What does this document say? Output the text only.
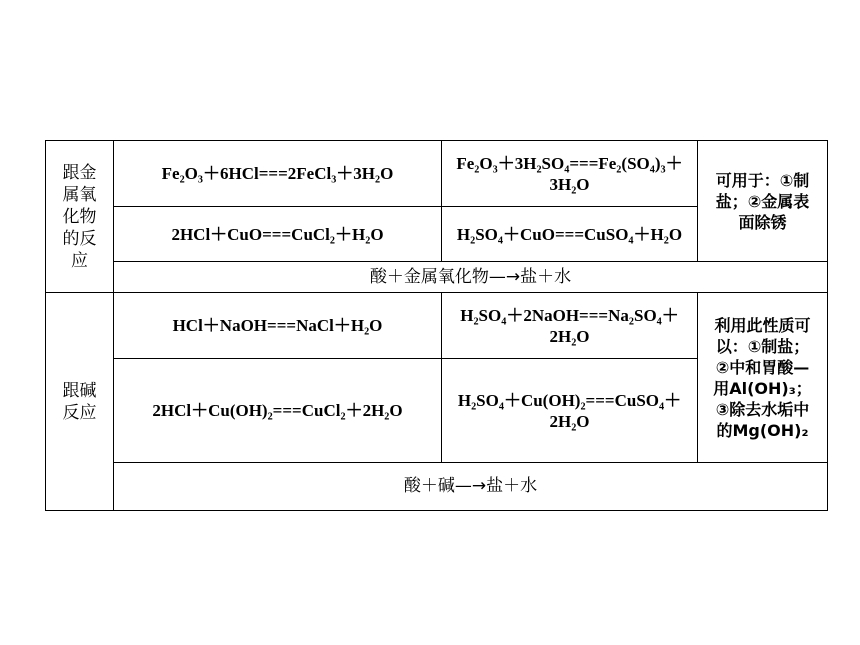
跟金属氧化物的反应	Fe₂O₃＋6HCl===2FeCl₃＋3H₂O	Fe₂O₃＋3H₂SO₄===Fe₂(SO₄)₃＋3H₂O	可用于：①制盐；②金属表面除锈

	2HCl＋CuO===CuCl₂＋H₂O	H₂SO₄＋CuO===CuSO₄＋H₂O	

	酸＋金属氧化物—→盐＋水		

跟碱反应	HCl＋NaOH===NaCl＋H₂O	H₂SO₄＋2NaOH===Na₂SO₄＋2H₂O	利用此性质可以：①制盐；②中和胃酸—用Al(OH)₃；③除去水垢中的Mg(OH)₂

	2HCl＋Cu(OH)₂===CuCl₂＋2H₂O	H₂SO₄＋Cu(OH)₂===CuSO₄＋2H₂O	

	酸＋碱—→盐＋水		
